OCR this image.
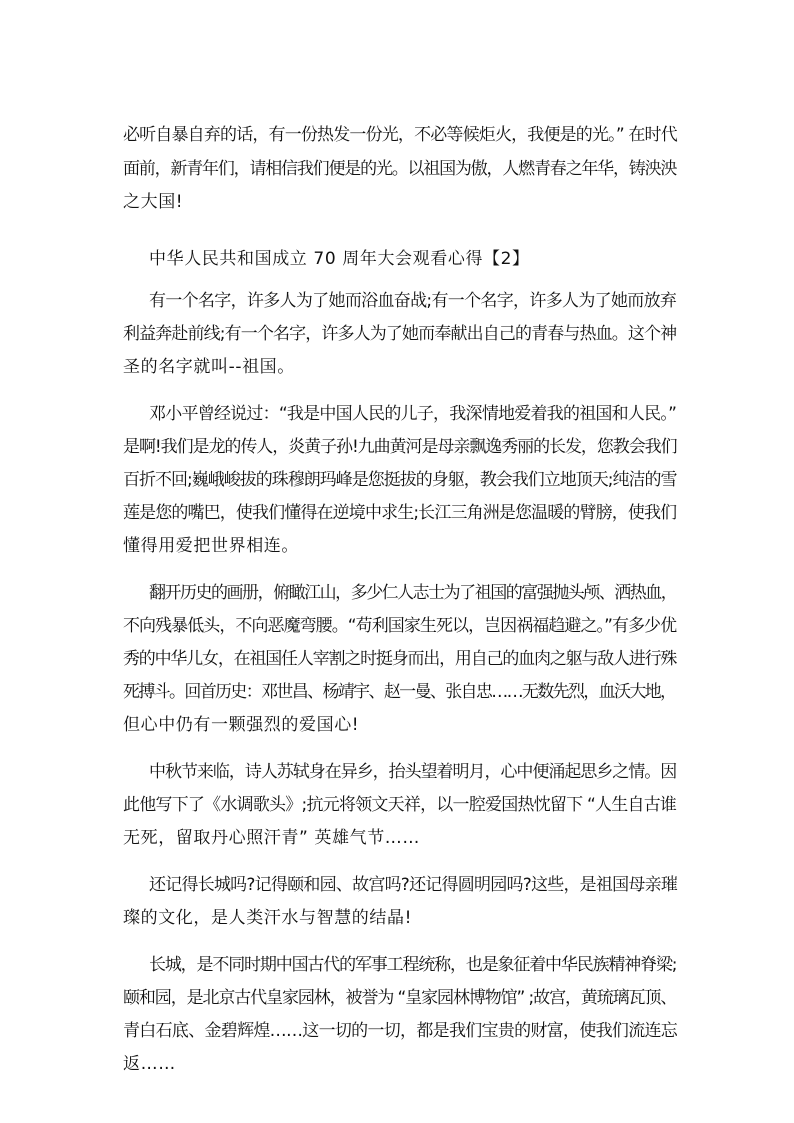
必听自暴自弃的话，有一份热发一份光，不必等候炬火，我便是的光。” 在时代
面前，新青年们，请相信我们便是的光。以祖国为傲，人燃青春之年华，铸泱泱
之大国!
中华人民共和国成立 70 周年大会观看心得【2】
有一个名字，许多人为了她而浴血奋战;有一个名字，许多人为了她而放弃
利益奔赴前线;有一个名字，许多人为了她而奉献出自己的青春与热血。这个神
圣的名字就叫--祖国。
邓小平曾经说过：“我是中国人民的儿子，我深情地爱着我的祖国和人民。”
是啊!我们是龙的传人，炎黄子孙!九曲黄河是母亲飘逸秀丽的长发，您教会我们
百折不回;巍峨峻拔的珠穆朗玛峰是您挺拔的身躯，教会我们立地顶天;纯洁的雪
莲是您的嘴巴，使我们懂得在逆境中求生;长江三角洲是您温暖的臂膀，使我们
懂得用爱把世界相连。
翻开历史的画册，俯瞰江山，多少仁人志士为了祖国的富强抛头颅、洒热血，
不向残暴低头，不向恶魔弯腰。“苟利国家生死以，岂因祸福趋避之。”有多少优
秀的中华儿女，在祖国任人宰割之时挺身而出，用自己的血肉之躯与敌人进行殊
死搏斗。回首历史：邓世昌、杨靖宇、赵一曼、张自忠……无数先烈，血沃大地，
但心中仍有一颗强烈的爱国心!
中秋节来临，诗人苏轼身在异乡，抬头望着明月，心中便涌起思乡之情。因
此他写下了《水调歌头》;抗元将领文天祥，以一腔爱国热忱留下 “人生自古谁
无死，留取丹心照汗青” 英雄气节……
还记得长城吗?记得颐和园、故宫吗?还记得圆明园吗?这些，是祖国母亲璀
璨的文化，是人类汗水与智慧的结晶!
长城，是不同时期中国古代的军事工程统称，也是象征着中华民族精神脊梁;
颐和园，是北京古代皇家园林，被誉为 “皇家园林博物馆” ;故宫，黄琉璃瓦顶、
青白石底、金碧辉煌……这一切的一切，都是我们宝贵的财富，使我们流连忘
返……
